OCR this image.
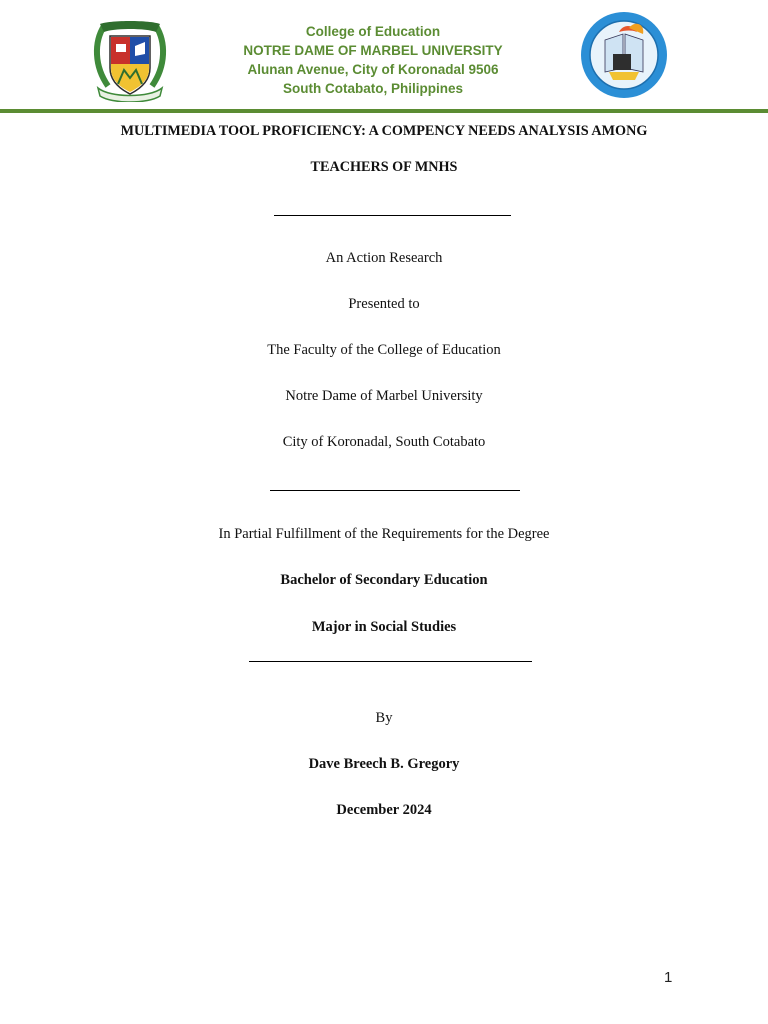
College of Education
NOTRE DAME OF MARBEL UNIVERSITY
Alunan Avenue, City of Koronadal 9506
South Cotabato, Philippines
MULTIMEDIA TOOL PROFICIENCY: A COMPENCY NEEDS ANALYSIS AMONG
TEACHERS OF MNHS
An Action Research
Presented to
The Faculty of the College of Education
Notre Dame of Marbel University
City of Koronadal, South Cotabato
In Partial Fulfillment of the Requirements for the Degree
Bachelor of Secondary Education
Major in Social Studies
By
Dave Breech B. Gregory
December 2024
1
